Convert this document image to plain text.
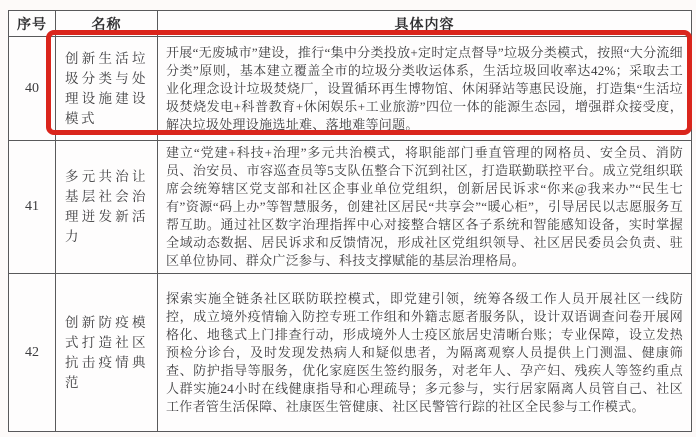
序号	名称	具体内容
40
创新生活垃圾分类与处理设施建设模式
开展“无废城市”建设，推行“集中分类投放+定时定点督导”垃圾分类模式，按照“大分流细分类”原则，基本建立覆盖全市的垃圾分类收运体系，生活垃圾回收率达42%；采取去工业化理念设计垃圾焚烧厂，设置循环再生博物馆、休闲驿站等惠民设施，打造集“生活垃圾焚烧发电+科普教育+休闲娱乐+工业旅游”四位一体的能源生态园，增强群众接受度，解决垃圾处理设施选址难、落地难等问题。
41
多元共治让基层社会治理迸发新活力
建立“党建+科技+治理”多元共治模式，将职能部门垂直管理的网格员、安全员、消防员、治安员、市容巡查员等5支队伍整合下沉到社区，打造联勤联控平台。成立党组织联席会统筹辖区党支部和社区企事业单位党组织，创新居民诉求“你来@我来办”“民生七有”资源“码上办”等智慧服务，创建社区居民“共享会”“暖心柜”，引导居民以志愿服务互帮互助。通过社区数字治理指挥中心对接整合辖区各子系统和智能感知设备，实时掌握全域动态数据、居民诉求和反馈情况，形成社区党组织领导、社区居民委员会负责、驻区单位协同、群众广泛参与、科技支撑赋能的基层治理格局。
42
创新防疫模式打造社区抗击疫情典范
探索实施全链条社区联防联控模式，即党建引领，统筹各级工作人员开展社区一线防控，成立境外疫情输入防控专班工作组和外籍志愿者服务队，设计双语调查问卷开展网格化、地毯式上门排查行动，形成境外人士疫区旅居史清晰台账；专业保障，设立发热预检分诊台，及时发现发热病人和疑似患者，为隔离观察人员提供上门测温、健康筛查、防护指导等服务，优化家庭医生签约服务，对老年人、孕产妇、残疾人等签约重点人群实施24小时在线健康指导和心理疏导；多元参与，实行居家隔离人员管自己、社区工作者管生活保障、社康医生管健康、社区民警管行踪的社区全民参与工作模式。
